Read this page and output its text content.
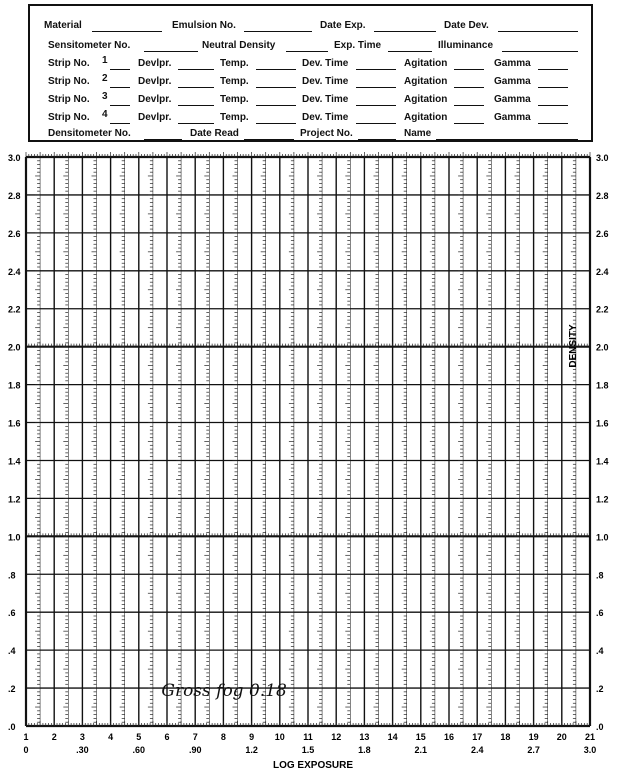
Material	Emulsion No.	Date Exp.	Date Dev.
Sensitometer No.	Neutral Density	Exp. Time	Illuminance
Strip No. 1	Devlpr.	Temp.	Dev. Time	Agitation	Gamma
Strip No. 2	Devlpr.	Temp.	Dev. Time	Agitation	Gamma
Strip No. 3	Devlpr.	Temp.	Dev. Time	Agitation	Gamma
Strip No. 4	Devlpr.	Temp.	Dev. Time	Agitation	Gamma
Densitometer No.	Date Read	Project No.	Name
3.0	3.0
2.8	2.8
2.6	2.6
2.4	2.4
2.2	2.2
2.0	2.0
1.8	1.8
1.6	1.6
1.4	1.4
1.2	1.2
1.0	1.0
.8	.8
.6	.6
.4	.4
.2	.2
.0	.0
1	2	3	4	5	6	7	8	9 10 11 12 13 14 15 16 17 18 19 20 21
0	.30	.60	.90	1.2	1.5	1.8	2.1	2.4	2.7	3.0
LOG EXPOSURE
DENSITY
Gross fog 0.18
